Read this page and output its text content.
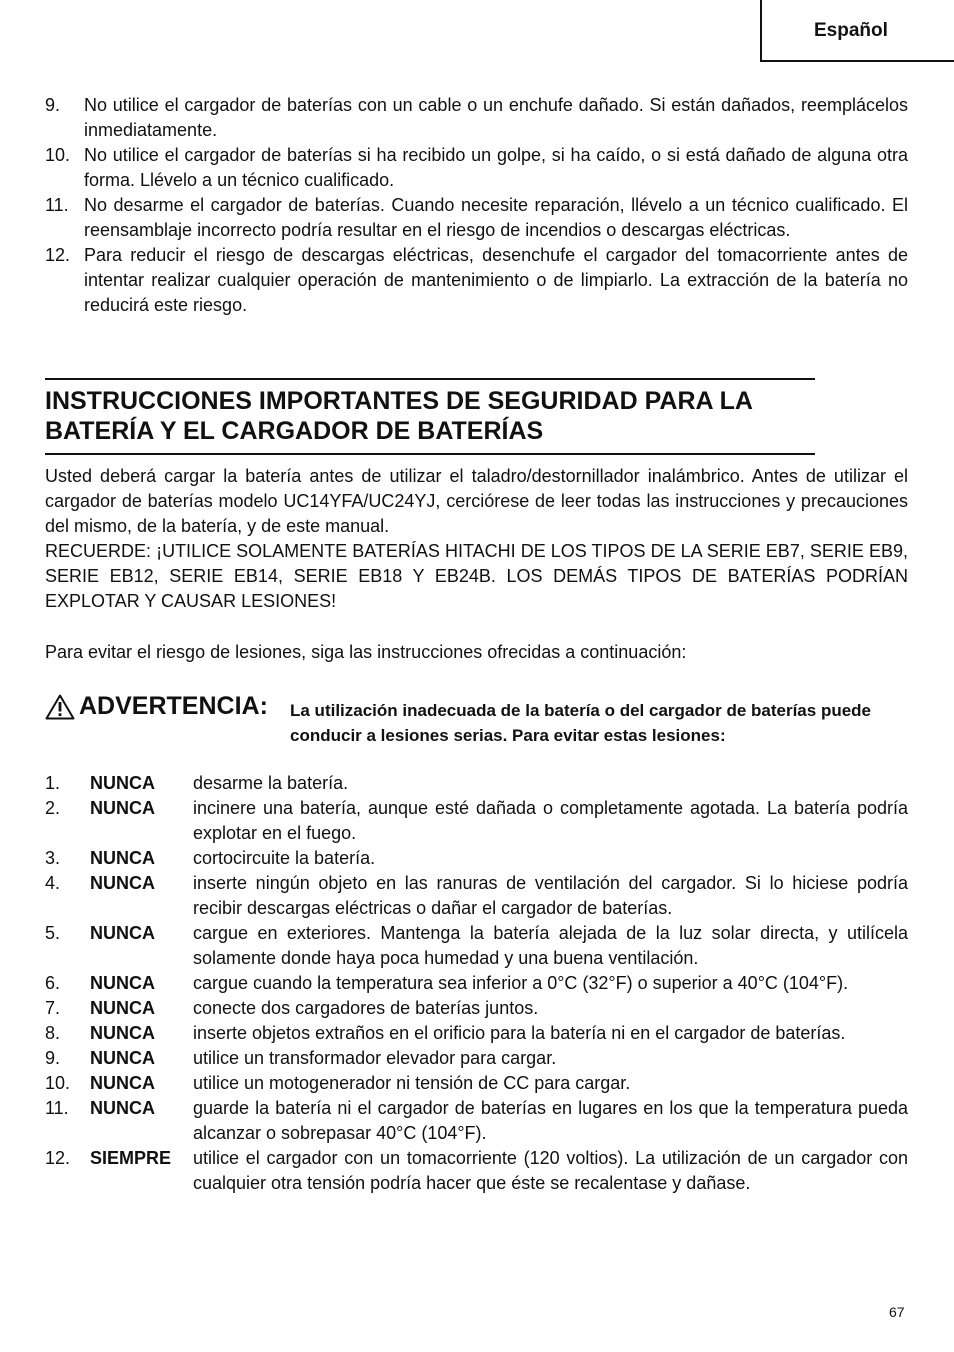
Español
9. No utilice el cargador de baterías con un cable o un enchufe dañado. Si están dañados, reemplácelos inmediatamente.
10. No utilice el cargador de baterías si ha recibido un golpe, si ha caído, o si está dañado de alguna otra forma. Llévelo a un técnico cualificado.
11. No desarme el cargador de baterías. Cuando necesite reparación, llévelo a un técnico cualificado. El reensamblaje incorrecto podría resultar en el riesgo de incendios o descargas eléctricas.
12. Para reducir el riesgo de descargas eléctricas, desenchufe el cargador del tomacorriente antes de intentar realizar cualquier operación de mantenimiento o de limpiarlo. La extracción de la batería no reducirá este riesgo.
INSTRUCCIONES IMPORTANTES DE SEGURIDAD PARA LA BATERÍA Y EL CARGADOR DE BATERÍAS

Usted deberá cargar la batería antes de utilizar el taladro/destornillador inalámbrico. Antes de utilizar el cargador de baterías modelo UC14YFA/UC24YJ, cerciórese de leer todas las instrucciones y precauciones del mismo, de la batería, y de este manual.

RECUERDE: ¡UTILICE SOLAMENTE BATERÍAS HITACHI DE LOS TIPOS DE LA SERIE EB7, SERIE EB9, SERIE EB12, SERIE EB14, SERIE EB18 Y EB24B. LOS DEMÁS TIPOS DE BATERÍAS PODRÍAN EXPLOTAR Y CAUSAR LESIONES!

Para evitar el riesgo de lesiones, siga las instrucciones ofrecidas a continuación:

ADVERTENCIA: La utilización inadecuada de la batería o del cargador de baterías puede conducir a lesiones serias. Para evitar estas lesiones:
1. NUNCA desarme la batería.
2. NUNCA incinere una batería, aunque esté dañada o completamente agotada. La batería podría explotar en el fuego.
3. NUNCA cortocircuite la batería.
4. NUNCA inserte ningún objeto en las ranuras de ventilación del cargador. Si lo hiciese podría recibir descargas eléctricas o dañar el cargador de baterías.
5. NUNCA cargue en exteriores. Mantenga la batería alejada de la luz solar directa, y utilícela solamente donde haya poca humedad y una buena ventilación.
6. NUNCA cargue cuando la temperatura sea inferior a 0°C (32°F) o superior a 40°C (104°F).
7. NUNCA conecte dos cargadores de baterías juntos.
8. NUNCA inserte objetos extraños en el orificio para la batería ni en el cargador de baterías.
9. NUNCA utilice un transformador elevador para cargar.
10. NUNCA utilice un motogenerador ni tensión de CC para cargar.
11. NUNCA guarde la batería ni el cargador de baterías en lugares en los que la temperatura pueda alcanzar o sobrepasar 40°C (104°F).
12. SIEMPRE utilice el cargador con un tomacorriente (120 voltios). La utilización de un cargador con cualquier otra tensión podría hacer que éste se recalentase y dañase.
67
